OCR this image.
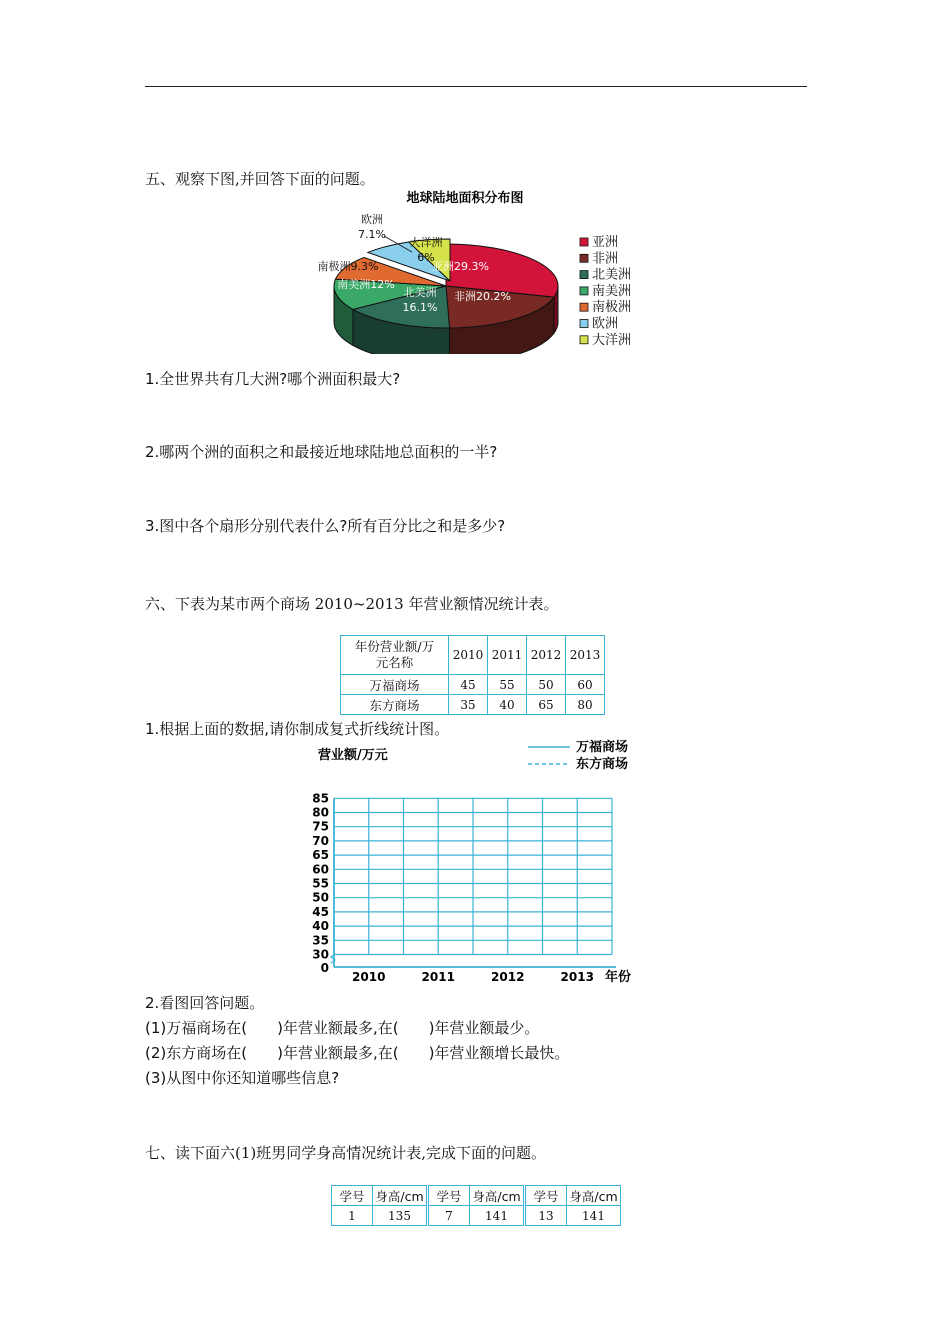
五、观察下图,并回答下面的问题。
地球陆地面积分布图
亚洲29.3%
非洲20.2%
北美洲
16.1%
南美洲12%
南极洲9.3%
欧洲
7.1%
大洋洲
6%
亚洲
非洲
北美洲
南美洲
南极洲
欧洲
大洋洲
1.全世界共有几大洲?哪个洲面积最大?
2.哪两个洲的面积之和最接近地球陆地总面积的一半?
3.图中各个扇形分别代表什么?所有百分比之和是多少?
六、下表为某市两个商场 2010~2013 年营业额情况统计表。
年份营业额/万
元名称	2010	2011	2012	2013
万福商场	45	55	50	60
东方商场	35	40	65	80
1.根据上面的数据,请你制成复式折线统计图。
营业额/万元
万福商场
东方商场
0
30
35
40
45
50
55
60
65
70
75
80
85
2010	2011	2012	2013 年份
2.看图回答问题。
(1)万福商场在(　　)年营业额最多,在(　　)年营业额最少。
(2)东方商场在(　　)年营业额最多,在(　　)年营业额增长最快。
(3)从图中你还知道哪些信息?
七、读下面六(1)班男同学身高情况统计表,完成下面的问题。
学号	身高/cm	学号	身高/cm	学号	身高/cm
1	135	7	141	13	141
